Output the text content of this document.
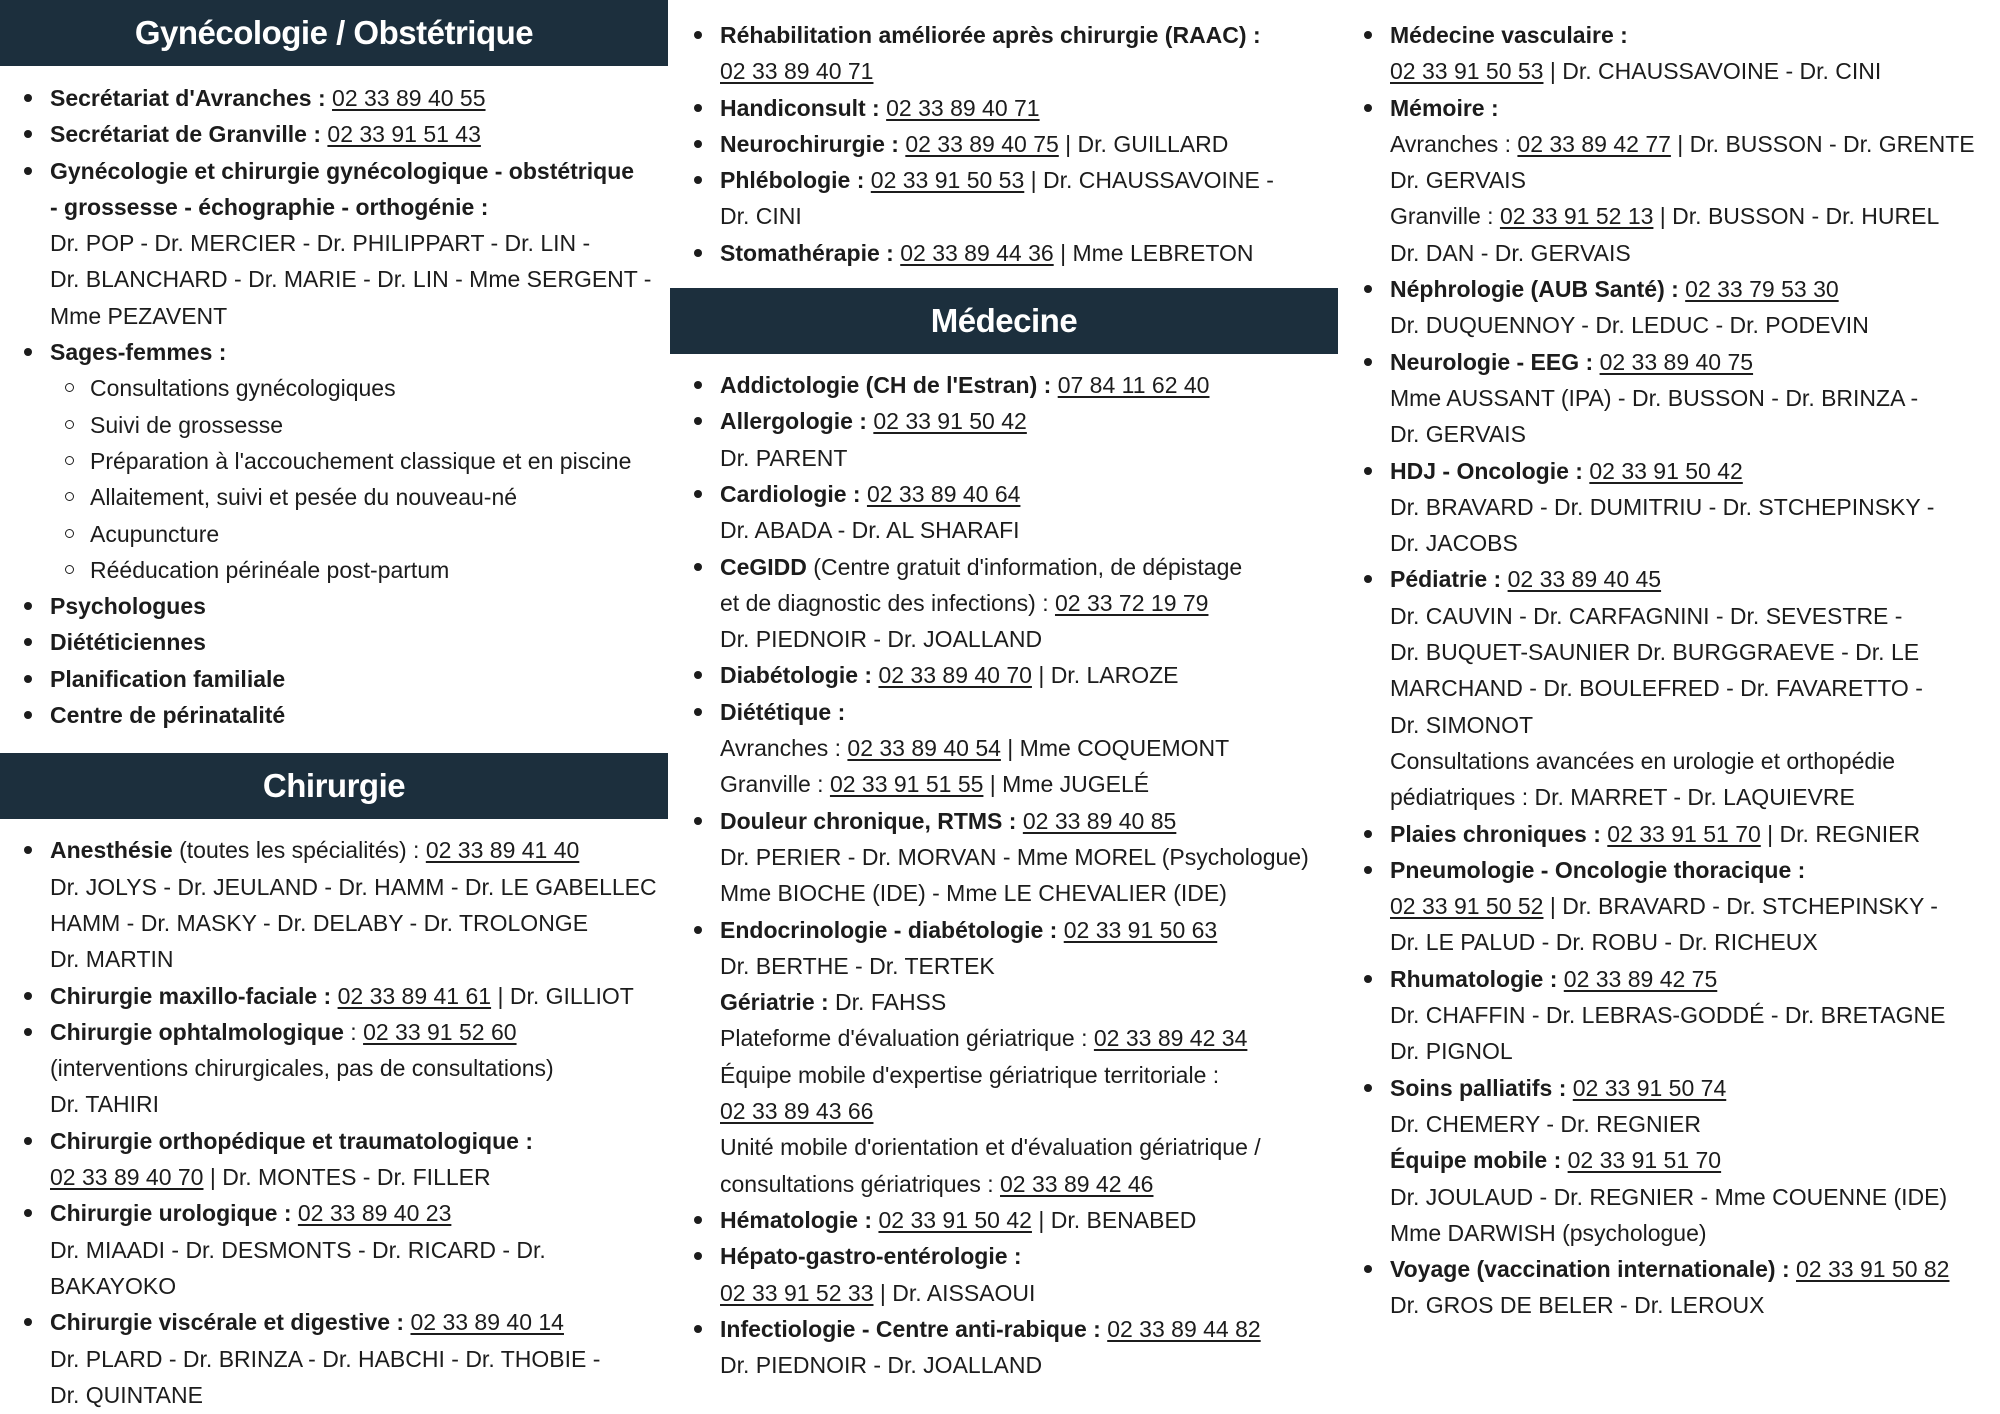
Gynécologie / Obstétrique
Secrétariat d'Avranches : 02 33 89 40 55
Secrétariat de Granville : 02 33 91 51 43
Gynécologie et chirurgie gynécologique - obstétrique
- grossesse - échographie - orthogénie :
Dr. POP - Dr. MERCIER - Dr. PHILIPPART - Dr. LIN -
Dr. BLANCHARD - Dr. MARIE - Dr. LIN - Mme SERGENT -
Mme PEZAVENT
Sages-femmes :
Consultations gynécologiques
Suivi de grossesse
Préparation à l'accouchement classique et en piscine
Allaitement, suivi et pesée du nouveau-né
Acupuncture
Rééducation périnéale post-partum
Psychologues
Diététiciennes
Planification familiale
Centre de périnatalité
Chirurgie
Anesthésie (toutes les spécialités) : 02 33 89 41 40
Dr. JOLYS - Dr. JEULAND - Dr. HAMM - Dr. LE GABELLEC
HAMM - Dr. MASKY - Dr. DELABY - Dr. TROLONGE
Dr. MARTIN
Chirurgie maxillo-faciale : 02 33 89 41 61 | Dr. GILLIOT
Chirurgie ophtalmologique : 02 33 91 52 60
(interventions chirurgicales, pas de consultations)
Dr. TAHIRI
Chirurgie orthopédique et traumatologique :
02 33 89 40 70 | Dr. MONTES - Dr. FILLER
Chirurgie urologique : 02 33 89 40 23
Dr. MIAADI - Dr. DESMONTS - Dr. RICARD - Dr. BAKAYOKO
Chirurgie viscérale et digestive : 02 33 89 40 14
Dr. PLARD - Dr. BRINZA - Dr. HABCHI - Dr. THOBIE -
Dr. QUINTANE
Réhabilitation améliorée après chirurgie (RAAC) :
02 33 89 40 71
Handiconsult : 02 33 89 40 71
Neurochirurgie : 02 33 89 40 75 | Dr. GUILLARD
Phlébologie : 02 33 91 50 53 | Dr. CHAUSSAVOINE -
Dr. CINI
Stomathérapie : 02 33 89 44 36 | Mme LEBRETON
Médecine
Addictologie (CH de l'Estran) : 07 84 11 62 40
Allergologie : 02 33 91 50 42
Dr. PARENT
Cardiologie : 02 33 89 40 64
Dr. ABADA - Dr. AL SHARAFI
CeGIDD (Centre gratuit d'information, de dépistage
et de diagnostic des infections) : 02 33 72 19 79
Dr. PIEDNOIR - Dr. JOALLAND
Diabétologie : 02 33 89 40 70 | Dr. LAROZE
Diététique :
Avranches : 02 33 89 40 54 | Mme COQUEMONT
Granville : 02 33 91 51 55 | Mme JUGELÉ
Douleur chronique, RTMS : 02 33 89 40 85
Dr. PERIER - Dr. MORVAN - Mme MOREL (Psychologue)
Mme BIOCHE (IDE) - Mme LE CHEVALIER (IDE)
Endocrinologie - diabétologie : 02 33 91 50 63
Dr. BERTHE - Dr. TERTEK
Gériatrie : Dr. FAHSS
Plateforme d'évaluation gériatrique : 02 33 89 42 34
Équipe mobile d'expertise gériatrique territoriale :
02 33 89 43 66
Unité mobile d'orientation et d'évaluation gériatrique /
consultations gériatriques : 02 33 89 42 46
Hématologie : 02 33 91 50 42 | Dr. BENABED
Hépato-gastro-entérologie :
02 33 91 52 33 | Dr. AISSAOUI
Infectiologie - Centre anti-rabique : 02 33 89 44 82
Dr. PIEDNOIR - Dr. JOALLAND
Médecine vasculaire :
02 33 91 50 53 | Dr. CHAUSSAVOINE - Dr. CINI
Mémoire :
Avranches : 02 33 89 42 77 | Dr. BUSSON - Dr. GRENTE
Dr. GERVAIS
Granville : 02 33 91 52 13 | Dr. BUSSON - Dr. HUREL
Dr. DAN - Dr. GERVAIS
Néphrologie (AUB Santé) : 02 33 79 53 30
Dr. DUQUENNOY - Dr. LEDUC - Dr. PODEVIN
Neurologie - EEG : 02 33 89 40 75
Mme AUSSANT (IPA) - Dr. BUSSON - Dr. BRINZA -
Dr. GERVAIS
HDJ - Oncologie : 02 33 91 50 42
Dr. BRAVARD - Dr. DUMITRIU - Dr. STCHEPINSKY -
Dr. JACOBS
Pédiatrie : 02 33 89 40 45
Dr. CAUVIN - Dr. CARFAGNINI - Dr. SEVESTRE -
Dr. BUQUET-SAUNIER Dr. BURGGRAEVE - Dr. LE
MARCHAND - Dr. BOULEFRED - Dr. FAVARETTO -
Dr. SIMONOT
Consultations avancées en urologie et orthopédie
pédiatriques : Dr. MARRET - Dr. LAQUIEVRE
Plaies chroniques : 02 33 91 51 70 | Dr. REGNIER
Pneumologie - Oncologie thoracique :
02 33 91 50 52 | Dr. BRAVARD - Dr. STCHEPINSKY -
Dr. LE PALUD - Dr. ROBU - Dr. RICHEUX
Rhumatologie : 02 33 89 42 75
Dr. CHAFFIN - Dr. LEBRAS-GODDÉ - Dr. BRETAGNE
Dr. PIGNOL
Soins palliatifs : 02 33 91 50 74
Dr. CHEMERY - Dr. REGNIER
Équipe mobile : 02 33 91 51 70
Dr. JOULAUD - Dr. REGNIER - Mme COUENNE (IDE)
Mme DARWISH (psychologue)
Voyage (vaccination internationale) : 02 33 91 50 82
Dr. GROS DE BELER - Dr. LEROUX
